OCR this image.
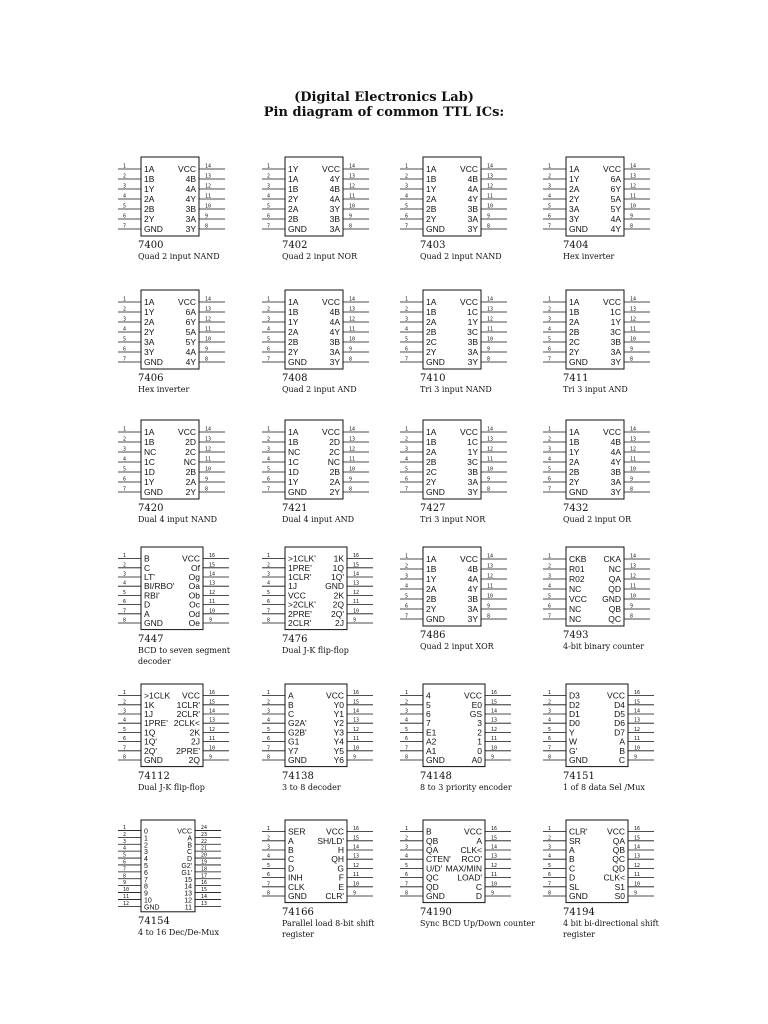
(Digital Electronics Lab)
Pin diagram of common TTL ICs:
1	14
1A	VCC
2	13
1B	4B
3	12
1Y	4A
4	11
2A	4Y
5	10
2B	3B
6	9
2Y	3A
7	8
GND	3Y
7400
Quad 2 input NAND
1	14
1Y	VCC
2	13
1A	4Y
3	12
1B	4B
4	11
2Y	4A
5	10
2A	3Y
6	9
2B	3B
7	8
GND	3A
7402
Quad 2 input NOR
1	14
1A	VCC
2	13
1B	4B
3	12
1Y	4A
4	11
2A	4Y
5	10
2B	3B
6	9
2Y	3A
7	8
GND	3Y
7403
Quad 2 input NAND
1	14
1A	VCC
2	13
1Y	6A
3	12
2A	6Y
4	11
2Y	5A
5	10
3A	5Y
6	9
3Y	4A
7	8
GND	4Y
7404
Hex inverter
1	14
1A	VCC
2	13
1Y	6A
3	12
2A	6Y
4	11
2Y	5A
5	10
3A	5Y
6	9
3Y	4A
7	8
GND	4Y
7406
Hex inverter
1	14
1A	VCC
2	13
1B	4B
3	12
1Y	4A
4	11
2A	4Y
5	10
2B	3B
6	9
2Y	3A
7	8
GND	3Y
7408
Quad 2 input AND
1	14
1A	VCC
2	13
1B	1C
3	12
2A	1Y
4	11
2B	3C
5	10
2C	3B
6	9
2Y	3A
7	8
GND	3Y
7410
Tri 3 input NAND
1	14
1A	VCC
2	13
1B	1C
3	12
2A	1Y
4	11
2B	3C
5	10
2C	3B
6	9
2Y	3A
7	8
GND	3Y
7411
Tri 3 input AND
1	14
1A	VCC
2	13
1B	2D
3	12
NC	2C
4	11
1C	NC
5	10
1D	2B
6	9
1Y	2A
7	8
GND	2Y
7420
Dual 4 input NAND
1	14
1A	VCC
2	13
1B	2D
3	12
NC	2C
4	11
1C	NC
5	10
1D	2B
6	9
1Y	2A
7	8
GND	2Y
7421
Dual 4 input AND
1	14
1A	VCC
2	13
1B	1C
3	12
2A	1Y
4	11
2B	3C
5	10
2C	3B
6	9
2Y	3A
7	8
GND	3Y
7427
Tri 3 input NOR
1	14
1A	VCC
2	13
1B	4B
3	12
1Y	4A
4	11
2A	4Y
5	10
2B	3B
6	9
2Y	3A
7	8
GND	3Y
7432
Quad 2 input OR
1	16
B	VCC
2	15
C	Of
3	14
LT'	Og
4	13
BI/RBO' Oa
5	12
RBI'	Ob
6	11
D	Oc
7	10
A	Od
8	9
GND	Oe
7447
BCD to seven segment decoder
1	16
>1CLK' 1K
2	15
1PRE' 1Q
3	14
1CLR' 1Q'
4	13
1J	GND
5	12
VCC	2K
6	11
>2CLK' 2Q
7	10
2PRE' 2Q'
8	9
2CLR'	2J
7476
Dual J-K flip-flop
1	14
1A	VCC
2	13
1B	4B
3	12
1Y	4A
4	11
2A	4Y
5	10
2B	3B
6	9
2Y	3A
7	8
GND	3Y
7486
Quad 2 input XOR
1	14
CKB CKA
2	13
R01	NC
3	12
R02	QA
4	11
NC	QD
5	10
VCC GND
6	9
NC	QB
7	8
NC	QC
7493
4-bit binary counter
1	16
>1CLK VCC
2	15
1K	1CLR'
3	14
1J	2CLR'
4	13
1PRE' 2CLK<
5	12
1Q	2K
6	11
1Q'	2J
7	10
2Q' 2PRE'
8	9
GND	2Q
74112
Dual J-K flip-flop
1	16
A	VCC
2	15
B	Y0
3	14
C	Y1
4	13
G2A'	Y2
5	12
G2B'	Y3
6	11
G1	Y4
7	10
Y7	Y5
8	9
GND	Y6
74138
3 to 8 decoder
1	16
4	VCC
2	15
5	E0
3	14
6	GS
4	13
7	3
5	12
E1	2
6	11
A2	1
7	10
A1	0
8	9
GND	A0
74148
8 to 3 priority encoder
1	16
D3	VCC
2	15
D2	D4
3	14
D1	D5
4	13
D0	D6
5	12
Y	D7
6	11
W	A
7	10
G'	B
8	9
GND	C
74151
1 of 8 data Sel /Mux
1	24
0	VCC
2	23
1	A
3	22
2	B
4	21
3	C
5	20
4	D
6	19
5	G2'
7	18
6	G1'
8	17
7	15
9	16
8	14
10	15
9	13
11	14
10	12
12	13
GND	11
74154
4 to 16 Dec/De-Mux
1	16
SER VCC
2	15
A	SH/LD'
3	14
B	H
4	13
C	QH
5	12
D	G
6	11
INH	F
7	10
CLK	E
8	9
GND CLR'
74166
Parallel load 8-bit shift register
1	16
B	VCC
2	15
QB	A
3	14
QA	CLK<
4	13
CTEN' RCO'
5	12
U/D' MAX/MIN
6	11
QC LOAD'
7	10
QD	C
8	9
GND	D
74190
Sync BCD Up/Down counter
1	16
CLR' VCC
2	15
SR	QA
3	14
A	QB
4	13
B	QC
5	12
C	QD
6	11
D	CLK<
7	10
SL	S1
8	9
GND	S0
74194
4 bit bi-directional shift register
